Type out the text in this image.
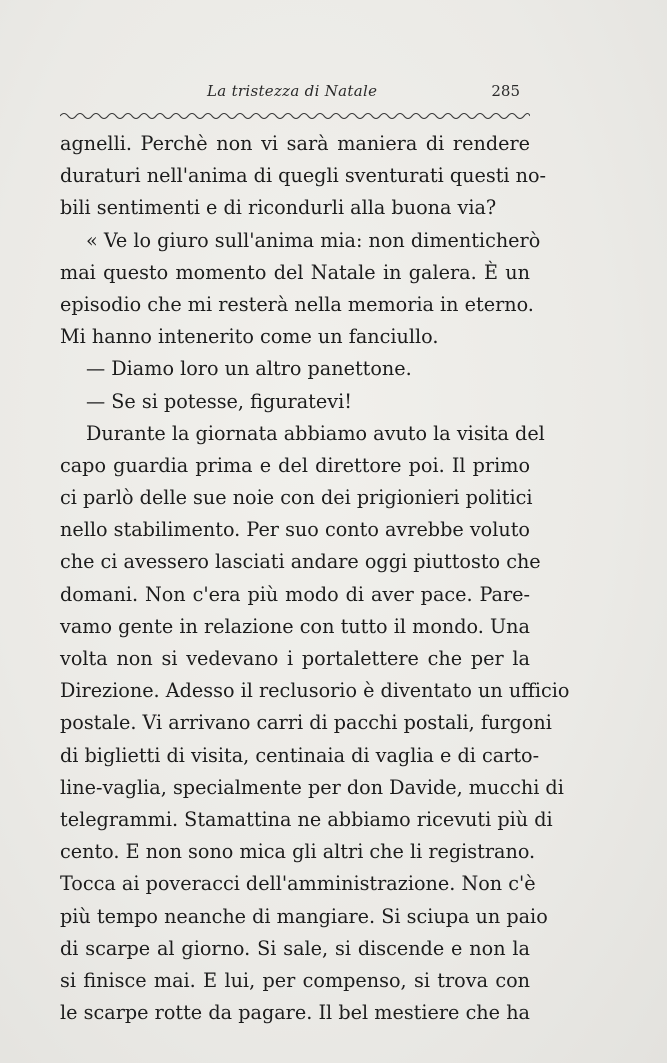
La tristezza di Natale	285
agnelli. Perchè non vi sarà maniera di rendere
duraturi nell'anima di quegli sventurati questi no-
bili sentimenti e di ricondurli alla buona via?
« Ve lo giuro sull'anima mia: non dimenticherò
mai questo momento del Natale in galera. È un
episodio che mi resterà nella memoria in eterno.
Mi hanno intenerito come un fanciullo.
— Diamo loro un altro panettone.
— Se si potesse, figuratevi!
Durante la giornata abbiamo avuto la visita del
capo guardia prima e del direttore poi. Il primo
ci parlò delle sue noie con dei prigionieri politici
nello stabilimento. Per suo conto avrebbe voluto
che ci avessero lasciati andare oggi piuttosto che
domani. Non c'era più modo di aver pace. Pare-
vamo gente in relazione con tutto il mondo. Una
volta non si vedevano i portalettere che per la
Direzione. Adesso il reclusorio è diventato un ufficio
postale. Vi arrivano carri di pacchi postali, furgoni
di biglietti di visita, centinaia di vaglia e di carto-
line-vaglia, specialmente per don Davide, mucchi di
telegrammi. Stamattina ne abbiamo ricevuti più di
cento. E non sono mica gli altri che li registrano.
Tocca ai poveracci dell'amministrazione. Non c'è
più tempo neanche di mangiare. Si sciupa un paio
di scarpe al giorno. Si sale, si discende e non la
si finisce mai. E lui, per compenso, si trova con
le scarpe rotte da pagare. Il bel mestiere che ha
